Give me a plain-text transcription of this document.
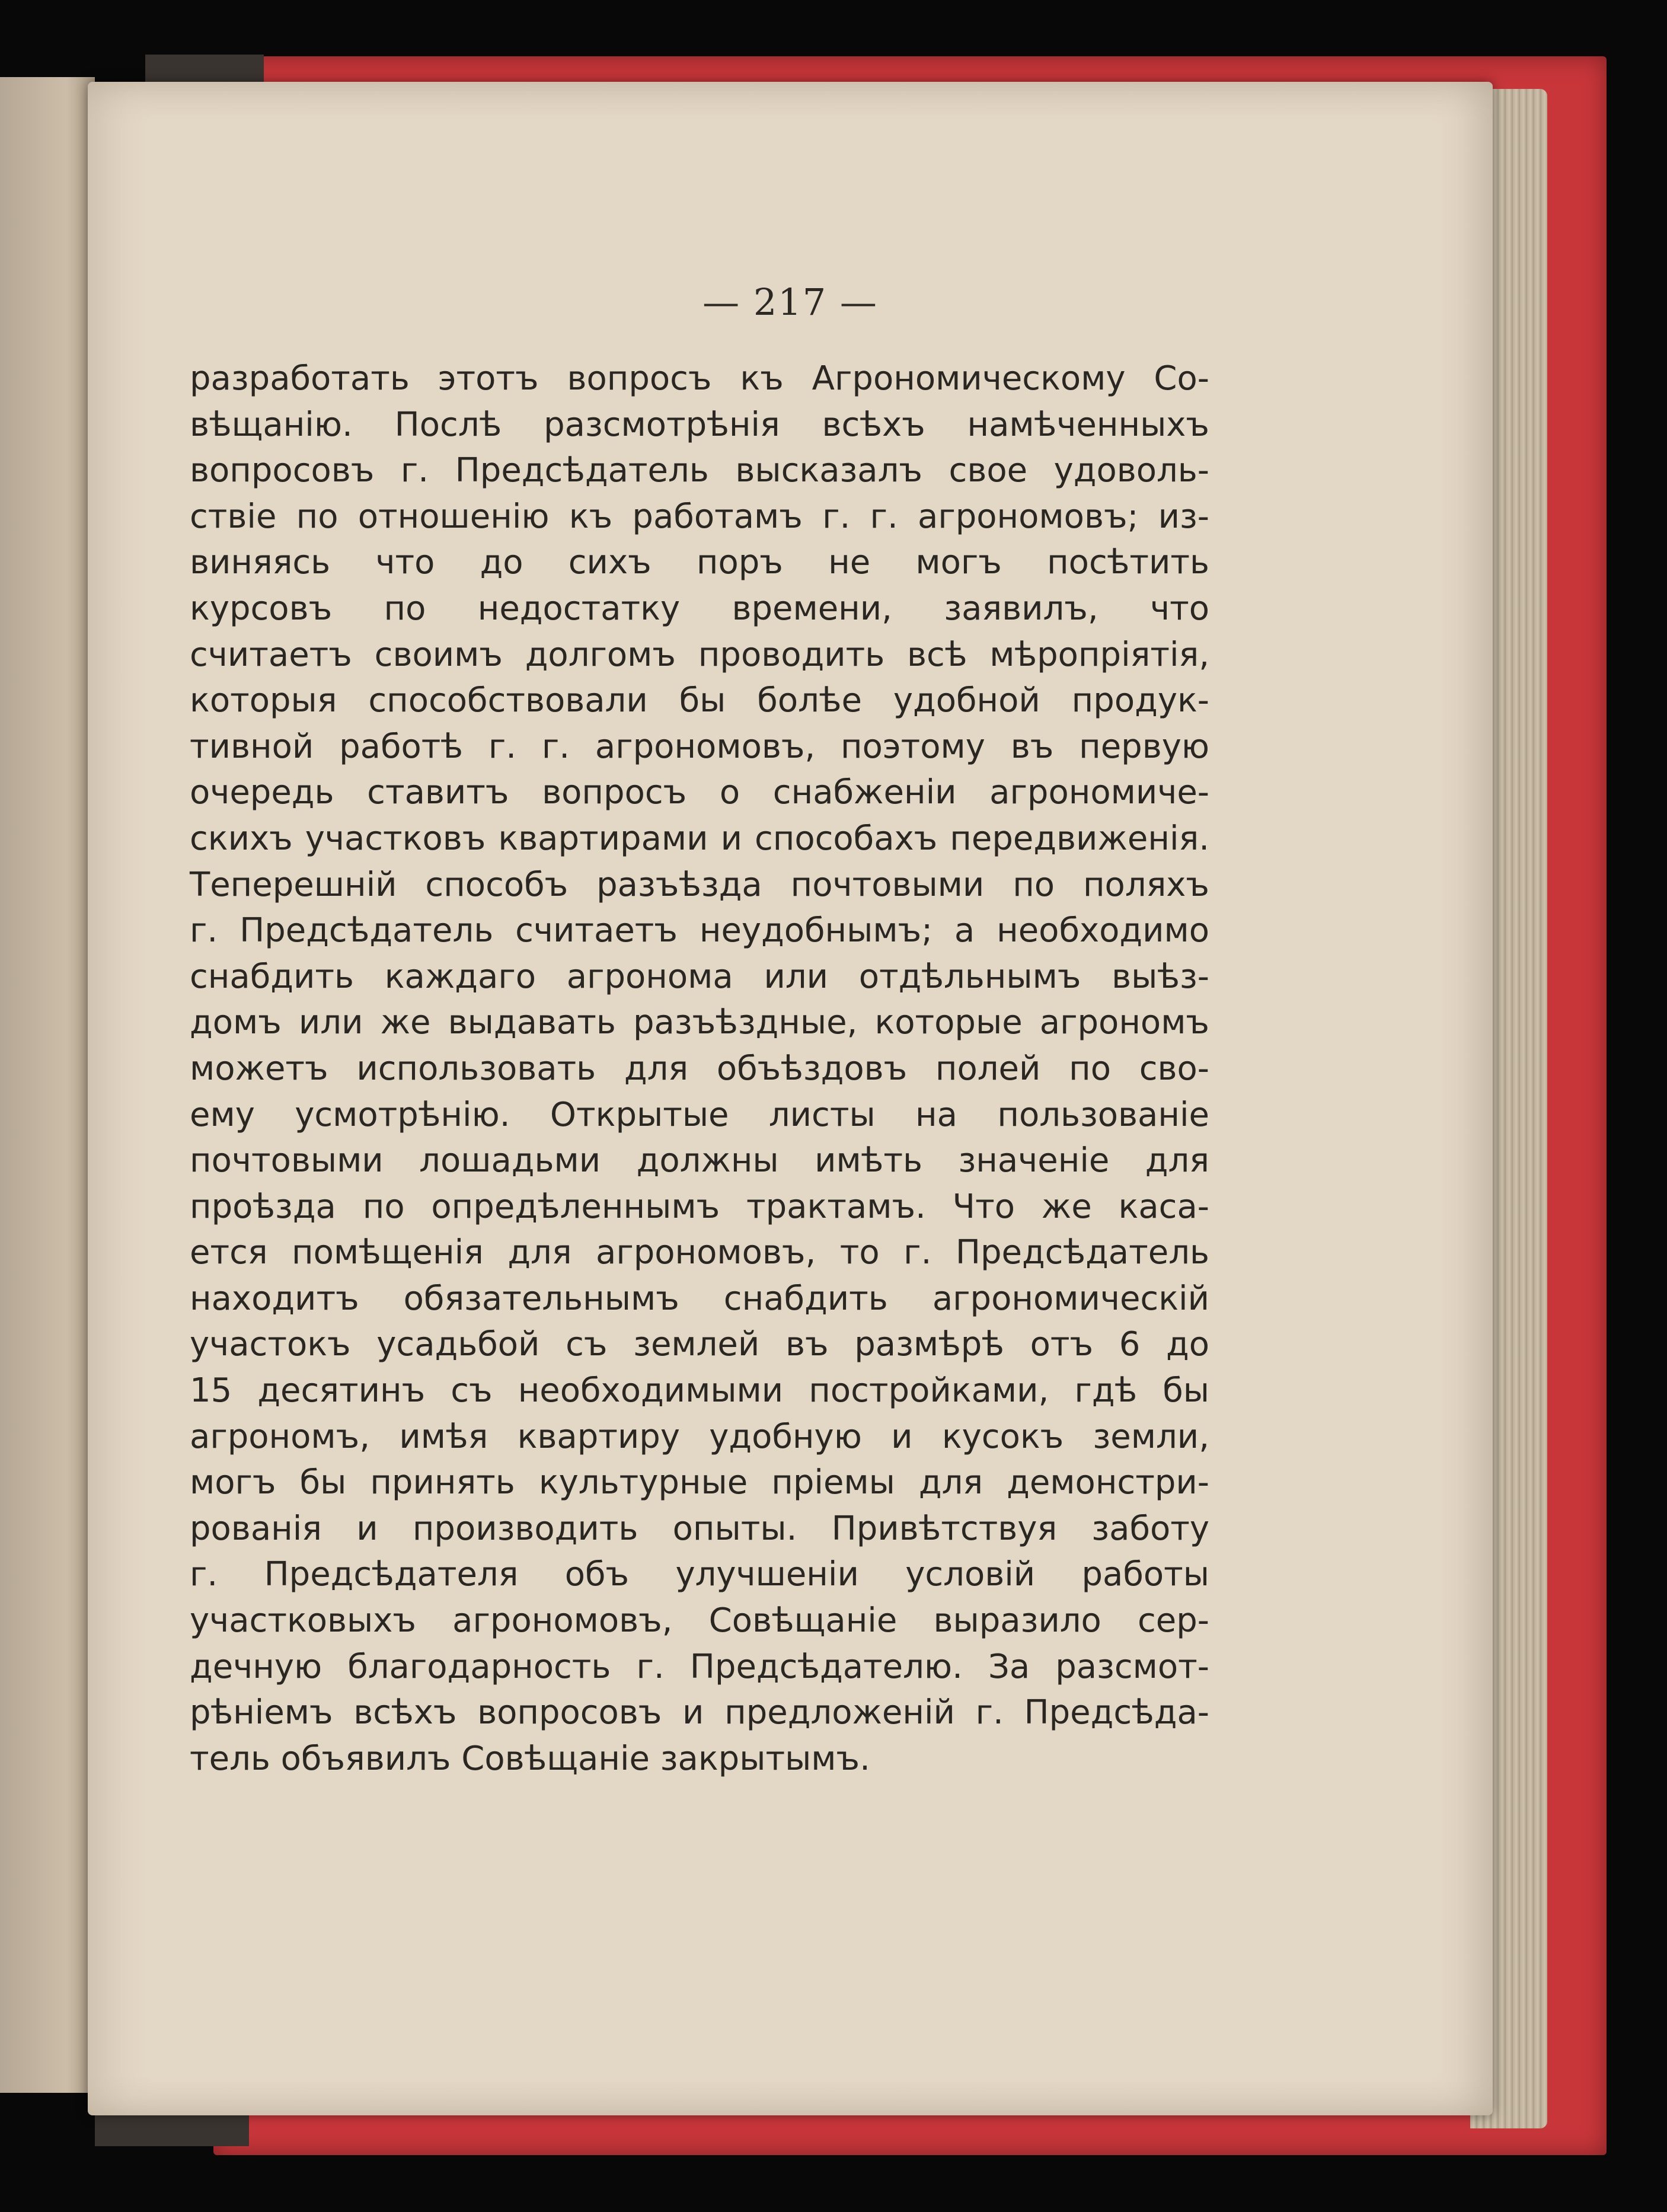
— 217 —
разработать этотъ вопросъ къ Агрономическому Со-
вѣщанію. Послѣ разсмотрѣнія всѣхъ намѣченныхъ
вопросовъ г. Предсѣдатель высказалъ свое удоволь-
ствіе по отношенію къ работамъ г. г. агрономовъ; из-
виняясь что до сихъ поръ не могъ посѣтить
курсовъ по недостатку времени, заявилъ, что
считаетъ своимъ долгомъ проводить всѣ мѣропріятія,
которыя способствовали бы болѣе удобной продук-
тивной работѣ г. г. агрономовъ, поэтому въ первую
очередь ставитъ вопросъ о снабженіи агрономиче-
скихъ участковъ квартирами и способахъ передвиженія.
Теперешній способъ разъѣзда почтовыми по поляхъ
г. Предсѣдатель считаетъ неудобнымъ; а необходимо
снабдить каждаго агронома или отдѣльнымъ выѣз-
домъ или же выдавать разъѣздные, которые агрономъ
можетъ использовать для объѣздовъ полей по сво-
ему усмотрѣнію. Открытые листы на пользованіе
почтовыми лошадьми должны имѣть значеніе для
проѣзда по опредѣленнымъ трактамъ. Что же каса-
ется помѣщенія для агрономовъ, то г. Предсѣдатель
находитъ обязательнымъ снабдить агрономическій
участокъ усадьбой съ землей въ размѣрѣ отъ 6 до
15 десятинъ съ необходимыми постройками, гдѣ бы
агрономъ, имѣя квартиру удобную и кусокъ земли,
могъ бы принять культурные пріемы для демонстри-
рованія и производить опыты. Привѣтствуя заботу
г. Предсѣдателя объ улучшеніи условій работы
участковыхъ агрономовъ, Совѣщаніе выразило сер-
дечную благодарность г. Предсѣдателю. За разсмот-
рѣніемъ всѣхъ вопросовъ и предложеній г. Предсѣда-
тель объявилъ Совѣщаніе закрытымъ.
